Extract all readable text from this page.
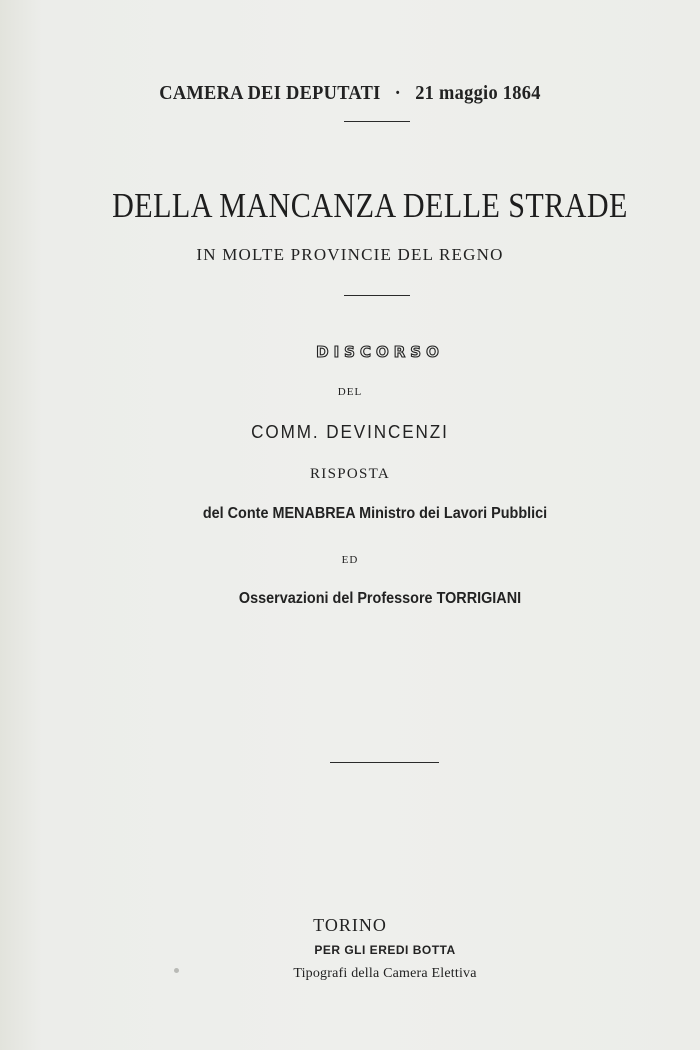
CAMERA DEI DEPUTATI · 21 maggio 1864
DELLA MANCANZA DELLE STRADE
IN MOLTE PROVINCIE DEL REGNO
DISCORSO
DEL
COMM. DEVINCENZI
RISPOSTA
del Conte MENABREA Ministro dei Lavori Pubblici
ED
Osservazioni del Professore TORRIGIANI
TORINO
PER GLI EREDI BOTTA
Tipografi della Camera Elettiva
